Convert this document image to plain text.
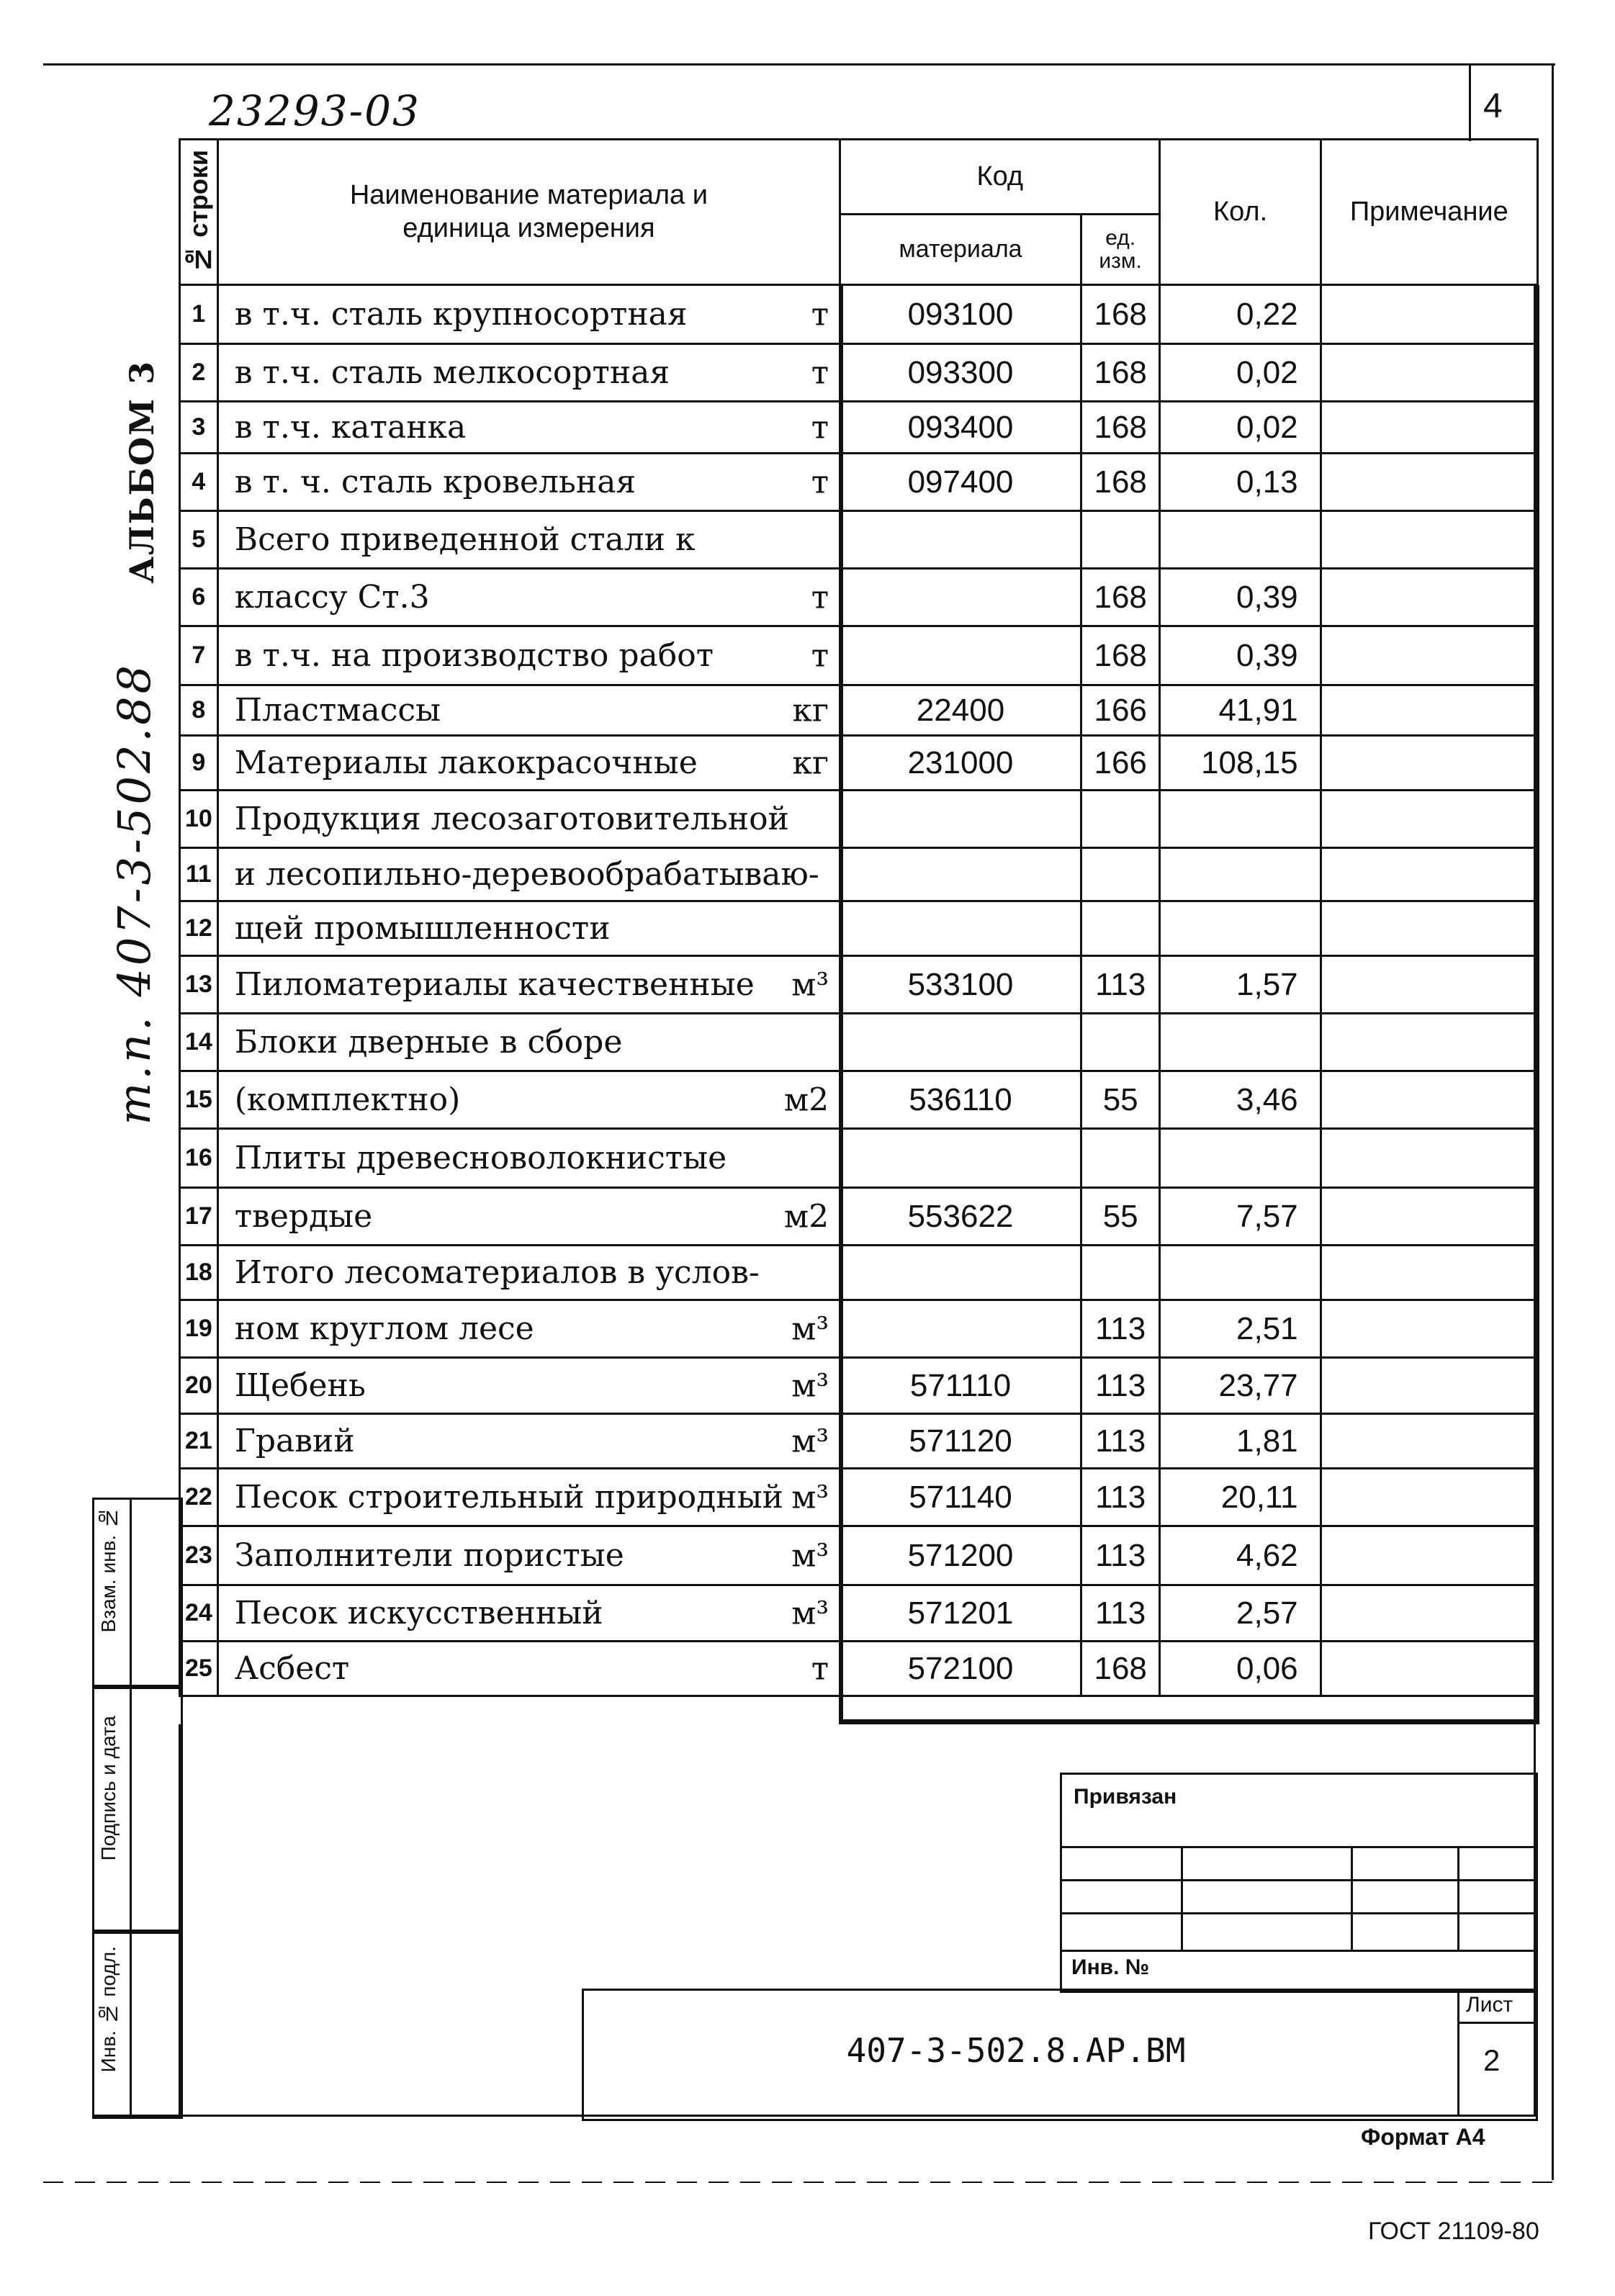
23293-03	4
АЛЬБОМ 3
т.п. 407-3-502.88
№ строки	Наименование материала и единица измерения	Код		Кол.	Примечание
		материала	ед. изм.		

1	в т.ч. сталь крупносортная т	093100	168	0,22	
2	в т.ч. сталь мелкосортная т	093300	168	0,02	
3	в т.ч. катанка т	093400	168	0,02	
4	в т. ч. сталь кровельная т	097400	168	0,13	
5	Всего приведенной стали к

6	классу Ст.3 т		168	0,39	
7	в т.ч. на производство работ т		168	0,39	
8	Пластмассы кг	22400	166	41,91	
9	Материалы лакокрасочные кг	231000	166	108,15	
10	Продукция лесозаготовительной

11	и лесопильно-деревообрабатываю-

12	щей промышленности

13	Пиломатериалы качественные м³	533100	113	1,57	
14	Блоки дверные в сборе

15	(комплектно) м2	536110	55	3,46	
16	Плиты древесноволокнистые

17	твердые м2	553622	55	7,57	
18	Итого лесоматериалов в услов-

19	ном круглом лесе м³		113	2,51	
20	Щебень м³	571110	113	23,77	
21	Гравий м³	571120	113	1,81	
22	Песок строительный природный м³	571140	113	20,11	
23	Заполнители пористые м³	571200	113	4,62	
24	Песок искусственный м³	571201	113	2,57	
25	Асбест т	572100	168	0,06	
Взам. инв. №
Подпись и дата
Инв. № подл.
Привязан
Инв. №
407-3-502.8.АР.ВМ
Лист
2
Формат А4
ГОСТ 21109-80
